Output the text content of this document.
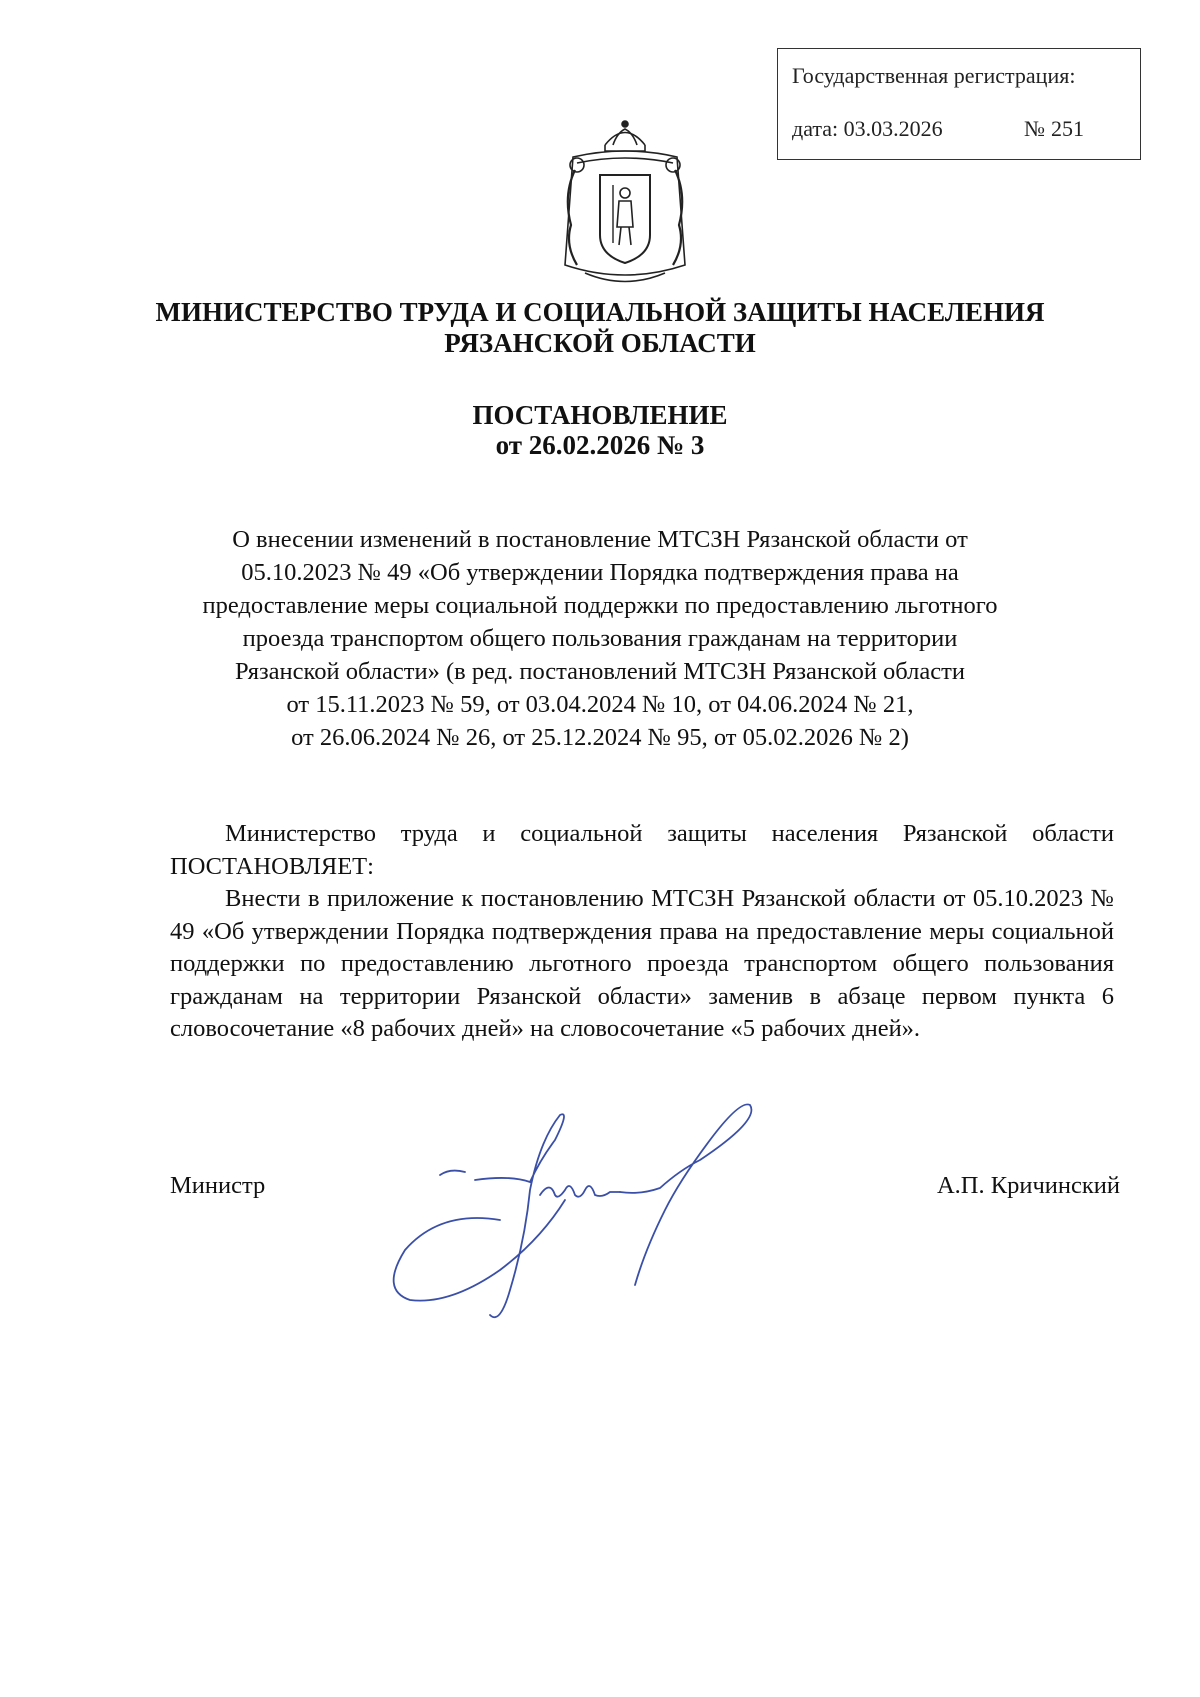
Государственная регистрация:
дата: 03.03.2026	№ 251
МИНИСТЕРСТВО ТРУДА И СОЦИАЛЬНОЙ ЗАЩИТЫ НАСЕЛЕНИЯ
РЯЗАНСКОЙ ОБЛАСТИ
ПОСТАНОВЛЕНИЕ
от 26.02.2026 № 3
О внесении изменений в постановление МТСЗН Рязанской области от
05.10.2023 № 49 «Об утверждении Порядка подтверждения права на
предоставление меры социальной поддержки по предоставлению льготного
проезда транспортом общего пользования гражданам на территории
Рязанской области» (в ред. постановлений МТСЗН Рязанской области
от 15.11.2023 № 59, от 03.04.2024 № 10, от 04.06.2024 № 21,
от 26.06.2024 № 26, от 25.12.2024 № 95, от 05.02.2026 № 2)

Министерство труда и социальной защиты населения Рязанской области ПОСТАНОВЛЯЕТ:

Внести в приложение к постановлению МТСЗН Рязанской области от 05.10.2023 № 49 «Об утверждении Порядка подтверждения права на предоставление меры социальной поддержки по предоставлению льготного проезда транспортом общего пользования гражданам на территории Рязанской области» заменив в абзаце первом пункта 6 словосочетание «8 рабочих дней» на словосочетание «5 рабочих дней».

Министр	А.П. Кричинский
